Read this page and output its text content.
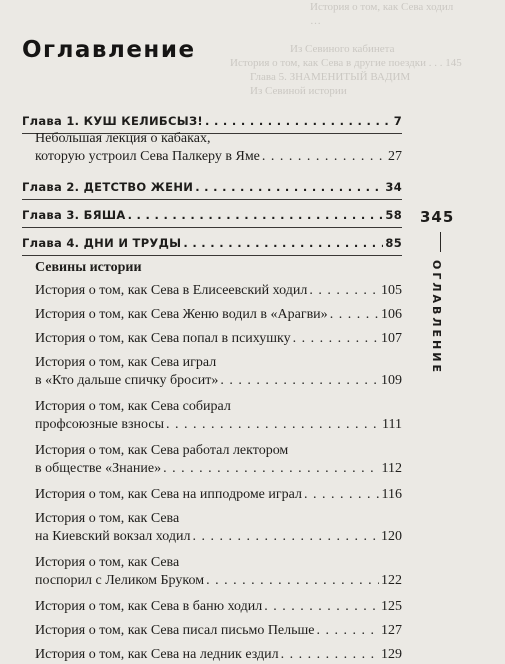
История о том, как Сева ходил
…
Из Севиного кабинета
История о том, как Сева в другие поездки . . . 145
Глава 5. ЗНАМЕНИТЫЙ ВАДИМ
Из Севиной истории
Оглавление
Глава 1. КУШ КЕЛИБСЫЗ! . . .	7
Небольшая лекция о кабаках,
которую устроил Сева Палкеру в Яме . . .	27
Глава 2. ДЕТСТВО ЖЕНИ . . .	34
Глава 3. БЯША . . .	58
Глава 4. ДНИ И ТРУДЫ . . .	85
Севины истории
История о том, как Сева в Елисеевский ходил . . .	105
История о том, как Сева Женю водил в «Арагви» . . .	106
История о том, как Сева попал в психушку . . .	107
История о том, как Сева играл
в «Кто дальше спичку бросит» . . .	109
История о том, как Сева собирал
профсоюзные взносы . . .	111
История о том, как Сева работал лектором
в обществе «Знание» . . .	112
История о том, как Сева на ипподроме играл . . .	116
История о том, как Сева
на Киевский вокзал ходил . . .	120
История о том, как Сева
поспорил с Леликом Бруком . . .	122
История о том, как Сева в баню ходил . . .	125
История о том, как Сева писал письмо Пельше . . .	127
История о том, как Сева на ледник ездил . . .	129
345
ОГЛАВЛЕНИЕ
